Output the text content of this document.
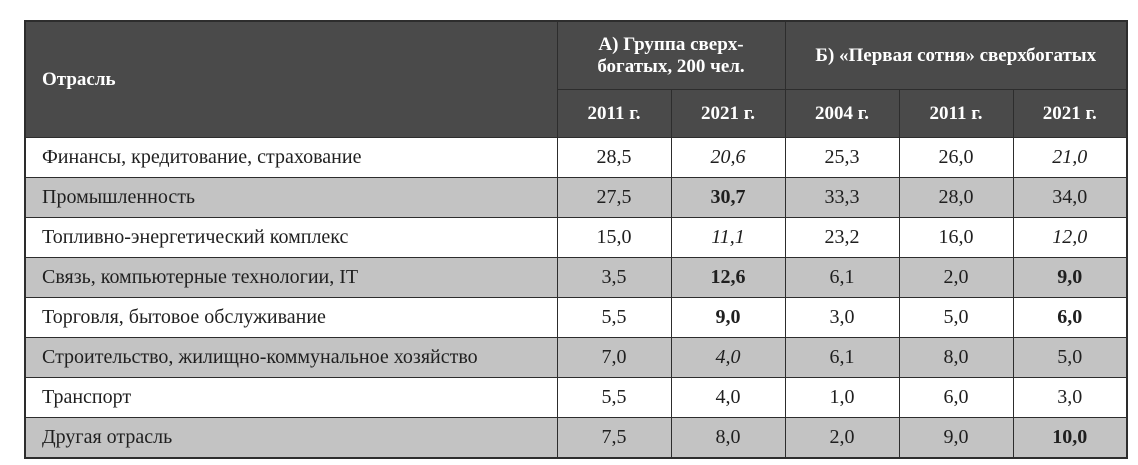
Отрасль	А) Группа сверх-богатых, 200 чел.		Б) «Первая сотня» сверхбогатых		
	2011 г.	2021 г.	2004 г.	2011 г.	2021 г.
Финансы, кредитование, страхование	28,5	20,6	25,3	26,0	21,0
Промышленность	27,5	30,7	33,3	28,0	34,0
Топливно-энергетический комплекс	15,0	11,1	23,2	16,0	12,0
Связь, компьютерные технологии, IT	3,5	12,6	6,1	2,0	9,0
Торговля, бытовое обслуживание	5,5	9,0	3,0	5,0	6,0
Строительство, жилищно-коммунальное хозяйство	7,0	4,0	6,1	8,0	5,0
Транспорт	5,5	4,0	1,0	6,0	3,0
Другая отрасль	7,5	8,0	2,0	9,0	10,0
